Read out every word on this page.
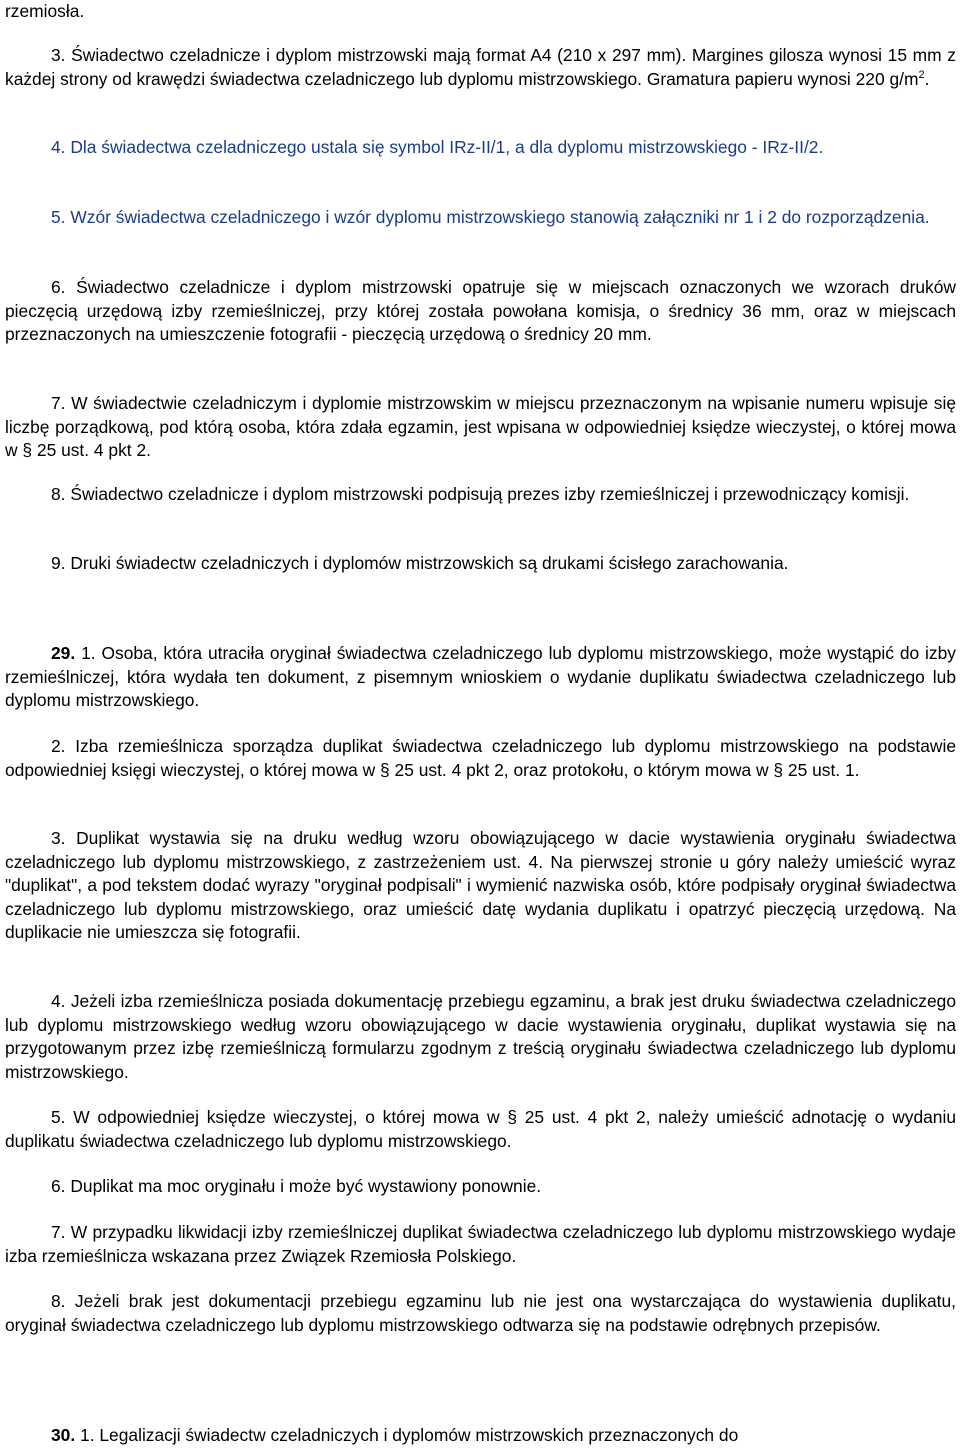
rzemiosła.

3. Świadectwo czeladnicze i dyplom mistrzowski mają format A4 (210 x 297 mm). Margines gilosza wynosi 15 mm z każdej strony od krawędzi świadectwa czeladniczego lub dyplomu mistrzowskiego. Gramatura papieru wynosi 220 $g/m^2$.

4. Dla świadectwa czeladniczego ustala się symbol IRz-II/1, a dla dyplomu mistrzowskiego - IRz-II/2.

5. Wzór świadectwa czeladniczego i wzór dyplomu mistrzowskiego stanowią załączniki nr 1 i 2 do rozporządzenia.

6. Świadectwo czeladnicze i dyplom mistrzowski opatruje się w miejscach oznaczonych we wzorach druków pieczęcią urzędową izby rzemieślniczej, przy której została powołana komisja, o średnicy 36 mm, oraz w miejscach przeznaczonych na umieszczenie fotografii - pieczęcią urzędową o średnicy 20 mm.

7. W świadectwie czeladniczym i dyplomie mistrzowskim w miejscu przeznaczonym na wpisanie numeru wpisuje się liczbę porządkową, pod którą osoba, która zdała egzamin, jest wpisana w odpowiedniej księdze wieczystej, o której mowa w § 25 ust. 4 pkt 2.

8. Świadectwo czeladnicze i dyplom mistrzowski podpisują prezes izby rzemieślniczej i przewodniczący komisji.

9. Druki świadectw czeladniczych i dyplomów mistrzowskich są drukami ścisłego zarachowania.

29. 1. Osoba, która utraciła oryginał świadectwa czeladniczego lub dyplomu mistrzowskiego, może wystąpić do izby rzemieślniczej, która wydała ten dokument, z pisemnym wnioskiem o wydanie duplikatu świadectwa czeladniczego lub dyplomu mistrzowskiego.

2. Izba rzemieślnicza sporządza duplikat świadectwa czeladniczego lub dyplomu mistrzowskiego na podstawie odpowiedniej księgi wieczystej, o której mowa w § 25 ust. 4 pkt 2, oraz protokołu, o którym mowa w § 25 ust. 1.

3. Duplikat wystawia się na druku według wzoru obowiązującego w dacie wystawienia oryginału świadectwa czeladniczego lub dyplomu mistrzowskiego, z zastrzeżeniem ust. 4. Na pierwszej stronie u góry należy umieścić wyraz "duplikat", a pod tekstem dodać wyrazy "oryginał podpisali" i wymienić nazwiska osób, które podpisały oryginał świadectwa czeladniczego lub dyplomu mistrzowskiego, oraz umieścić datę wydania duplikatu i opatrzyć pieczęcią urzędową. Na duplikacie nie umieszcza się fotografii.

4. Jeżeli izba rzemieślnicza posiada dokumentację przebiegu egzaminu, a brak jest druku świadectwa czeladniczego lub dyplomu mistrzowskiego według wzoru obowiązującego w dacie wystawienia oryginału, duplikat wystawia się na przygotowanym przez izbę rzemieślniczą formularzu zgodnym z treścią oryginału świadectwa czeladniczego lub dyplomu mistrzowskiego.

5. W odpowiedniej księdze wieczystej, o której mowa w § 25 ust. 4 pkt 2, należy umieścić adnotację o wydaniu duplikatu świadectwa czeladniczego lub dyplomu mistrzowskiego.

6. Duplikat ma moc oryginału i może być wystawiony ponownie.

7. W przypadku likwidacji izby rzemieślniczej duplikat świadectwa czeladniczego lub dyplomu mistrzowskiego wydaje izba rzemieślnicza wskazana przez Związek Rzemiosła Polskiego.

8. Jeżeli brak jest dokumentacji przebiegu egzaminu lub nie jest ona wystarczająca do wystawienia duplikatu, oryginał świadectwa czeladniczego lub dyplomu mistrzowskiego odtwarza się na podstawie odrębnych przepisów.

30. 1. Legalizacji świadectw czeladniczych i dyplomów mistrzowskich przeznaczonych do
